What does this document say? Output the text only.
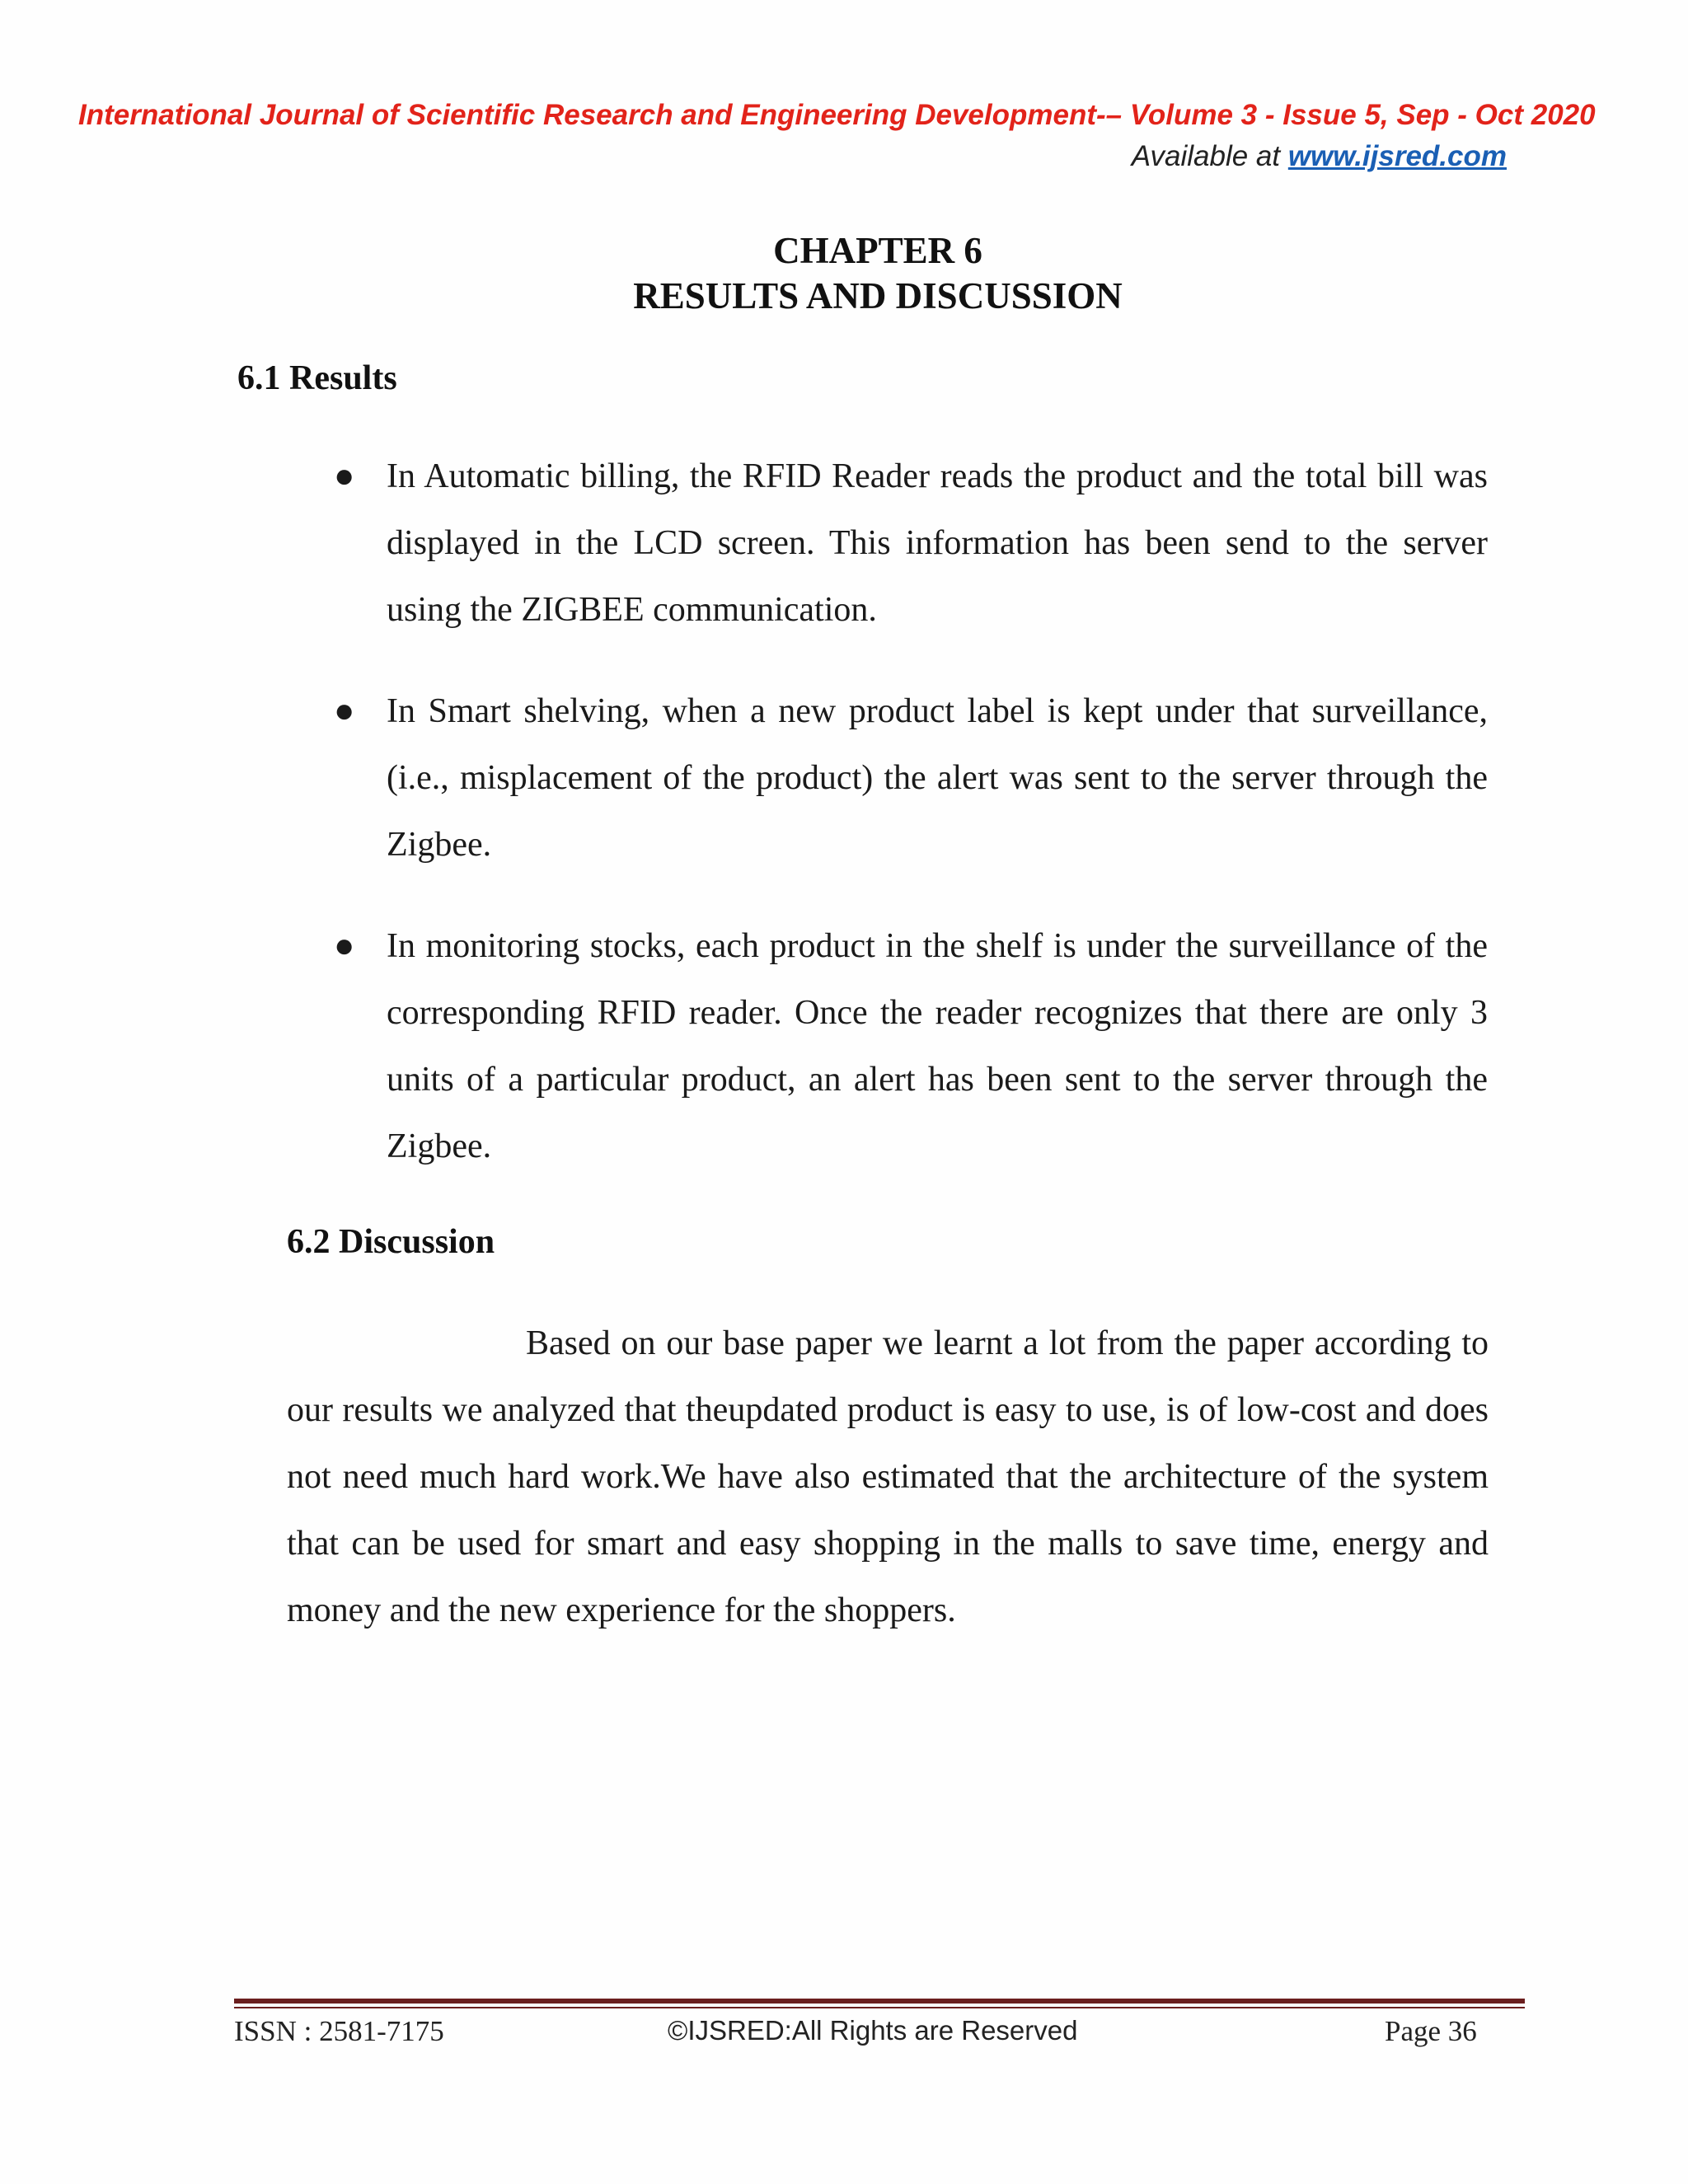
International Journal of Scientific Research and Engineering Development-– Volume 3 - Issue 5, Sep - Oct 2020
Available at www.ijsred.com
CHAPTER 6
RESULTS AND DISCUSSION
6.1 Results
● In Automatic billing, the RFID Reader reads the product and the total bill was displayed in the LCD screen. This information has been send to the server using the ZIGBEE communication.
● In Smart shelving, when a new product label is kept under that surveillance, (i.e., misplacement of the product) the alert was sent to the server through the Zigbee.
● In monitoring stocks, each product in the shelf is under the surveillance of the corresponding RFID reader. Once the reader recognizes that there are only 3 units of a particular product, an alert has been sent to the server through the Zigbee.
6.2 Discussion

Based on our base paper we learnt a lot from the paper according to our results we analyzed that theupdated product is easy to use, is of low-cost and does not need much hard work.We have also estimated that the architecture of the system that can be used for smart and easy shopping in the malls to save time, energy and money and the new experience for the shoppers.

ISSN : 2581-7175	©IJSRED:All Rights are Reserved	Page 36
